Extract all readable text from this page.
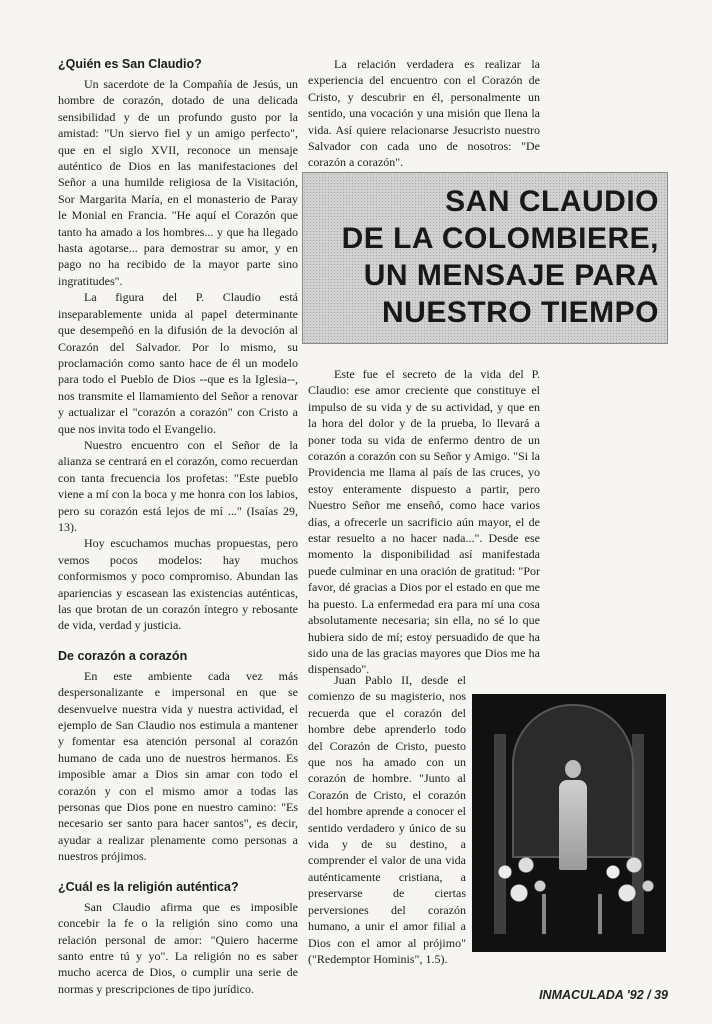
¿Quién es San Claudio?

Un sacerdote de la Compañía de Jesús, un hombre de corazón, dotado de una delicada sensibilidad y de un profundo gusto por la amistad: "Un siervo fiel y un amigo perfecto", que en el siglo XVII, reconoce un mensaje auténtico de Dios en las manifestaciones del Señor a una humilde religiosa de la Visitación, Sor Margarita María, en el monasterio de Paray le Monial en Francia. "He aquí el Corazón que tanto ha amado a los hombres... y que ha llegado hasta agotarse... para demostrar su amor, y en pago no ha recibido de la mayor parte sino ingratitudes".

La figura del P. Claudio está inseparablemente unida al papel determinante que desempeñó en la difusión de la devoción al Corazón del Salvador. Por lo mismo, su proclamación como santo hace de él un modelo para todo el Pueblo de Dios --que es la Iglesia--, nos transmite el llamamiento del Señor a renovar y actualizar el "corazón a corazón" con Cristo a que nos invita todo el Evangelio.

Nuestro encuentro con el Señor de la alianza se centrará en el corazón, como recuerdan con tanta frecuencia los profetas: "Este pueblo viene a mí con la boca y me honra con los labios, pero su corazón está lejos de mí ..." (Isaías 29, 13).

Hoy escuchamos muchas propuestas, pero vemos pocos modelos: hay muchos conformismos y poco compromiso. Abundan las apariencias y escasean las existencias auténticas, las que brotan de un corazón íntegro y rebosante de vida, verdad y justicia.

De corazón a corazón

En este ambiente cada vez más despersonalizante e impersonal en que se desenvuelve nuestra vida y nuestra actividad, el ejemplo de San Claudio nos estimula a mantener y fomentar esa atención personal al corazón humano de cada uno de nuestros hermanos. Es imposible amar a Dios sin amar con todo el corazón y con el mismo amor a todas las personas que Dios pone en nuestro camino: "Es necesario ser santo para hacer santos", es decir, ayudar a realizar plenamente como personas a nuestros prójimos.

¿Cuál es la religión auténtica?

San Claudio afirma que es imposible concebir la fe o la religión sino como una relación personal de amor: "Quiero hacerme santo entre tú y yo". La religión no es saber mucho acerca de Dios, o cumplir una serie de normas y prescripciones de tipo jurídico.

La relación verdadera es realizar la experiencia del encuentro con el Corazón de Cristo, y descubrir en él, personalmente un sentido, una vocación y una misión que llena la vida. Así quiere relacionarse Jesucristo nuestro Salvador con cada uno de nosotros: "De corazón a corazón".

SAN CLAUDIO
DE LA COLOMBIERE,
UN MENSAJE PARA
NUESTRO TIEMPO

Este fue el secreto de la vida del P. Claudio: ese amor creciente que constituye el impulso de su vida y de su actividad, y que en la hora del dolor y de la prueba, lo llevará a poner toda su vida de enfermo dentro de un corazón a corazón con su Señor y Amigo. "Si la Providencia me llama al país de las cruces, yo estoy enteramente dispuesto a partir, pero Nuestro Señor me enseñó, como hace varios días, a ofrecerle un sacrificio aún mayor, el de estar resuelto a no hacer nada...". Desde ese momento la disponibilidad así manifestada puede culminar en una oración de gratitud: "Por favor, dé gracias a Dios por el estado en que me ha puesto. La enfermedad era para mí una cosa absolutamente necesaria; sin ella, no sé lo que hubiera sido de mí; estoy persuadido de que ha sido una de las gracias mayores que Dios me ha dispensado".

Juan Pablo II, desde el comienzo de su magisterio, nos recuerda que el corazón del hombre debe aprenderlo todo del Corazón de Cristo, puesto que nos ha amado con un corazón de hombre. "Junto al Corazón de Cristo, el corazón del hombre aprende a conocer el sentido verdadero y único de su vida y de su destino, a comprender el valor de una vida auténticamente cristiana, a preservarse de ciertas perversiones del corazón humano, a unir el amor filial a Dios con el amor al prójimo" ("Redemptor Hominis", 1.5).

INMACULADA '92 / 39
